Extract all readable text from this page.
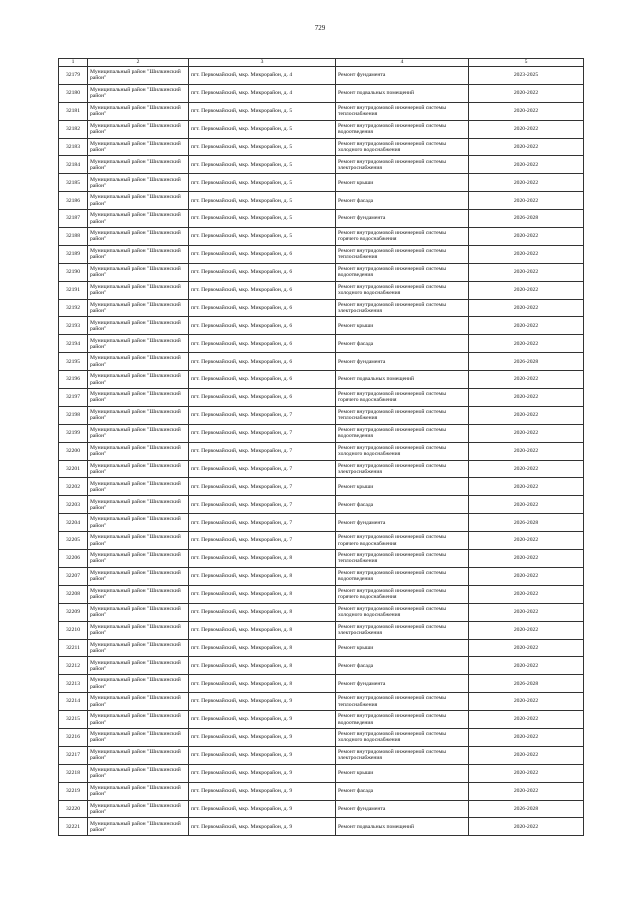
729
1	2	3	4	5
32179	Муниципальный район "Шилкинский район"	пгт. Первомайский, мкр. Микрорайон, д. 4	Ремонт фундамента	2023-2025
32180	Муниципальный район "Шилкинский район"	пгт. Первомайский, мкр. Микрорайон, д. 4	Ремонт подвальных помещений	2020-2022
32181	Муниципальный район "Шилкинский район"	пгт. Первомайский, мкр. Микрорайон, д. 5	Ремонт внутридомовой инженерной системы теплоснабжения	2020-2022
32182	Муниципальный район "Шилкинский район"	пгт. Первомайский, мкр. Микрорайон, д. 5	Ремонт внутридомовой инженерной системы водоотведения	2020-2022
32183	Муниципальный район "Шилкинский район"	пгт. Первомайский, мкр. Микрорайон, д. 5	Ремонт внутридомовой инженерной системы холодного водоснабжения	2020-2022
32184	Муниципальный район "Шилкинский район"	пгт. Первомайский, мкр. Микрорайон, д. 5	Ремонт внутридомовой инженерной системы электроснабжения	2020-2022
32185	Муниципальный район "Шилкинский район"	пгт. Первомайский, мкр. Микрорайон, д. 5	Ремонт крыши	2020-2022
32186	Муниципальный район "Шилкинский район"	пгт. Первомайский, мкр. Микрорайон, д. 5	Ремонт фасада	2020-2022
32187	Муниципальный район "Шилкинский район"	пгт. Первомайский, мкр. Микрорайон, д. 5	Ремонт фундамента	2026-2028
32188	Муниципальный район "Шилкинский район"	пгт. Первомайский, мкр. Микрорайон, д. 5	Ремонт внутридомовой инженерной системы горячего водоснабжения	2020-2022
32189	Муниципальный район "Шилкинский район"	пгт. Первомайский, мкр. Микрорайон, д. 6	Ремонт внутридомовой инженерной системы теплоснабжения	2020-2022
32190	Муниципальный район "Шилкинский район"	пгт. Первомайский, мкр. Микрорайон, д. 6	Ремонт внутридомовой инженерной системы водоотведения	2020-2022
32191	Муниципальный район "Шилкинский район"	пгт. Первомайский, мкр. Микрорайон, д. 6	Ремонт внутридомовой инженерной системы холодного водоснабжения	2020-2022
32192	Муниципальный район "Шилкинский район"	пгт. Первомайский, мкр. Микрорайон, д. 6	Ремонт внутридомовой инженерной системы электроснабжения	2020-2022
32193	Муниципальный район "Шилкинский район"	пгт. Первомайский, мкр. Микрорайон, д. 6	Ремонт крыши	2020-2022
32194	Муниципальный район "Шилкинский район"	пгт. Первомайский, мкр. Микрорайон, д. 6	Ремонт фасада	2020-2022
32195	Муниципальный район "Шилкинский район"	пгт. Первомайский, мкр. Микрорайон, д. 6	Ремонт фундамента	2026-2028
32196	Муниципальный район "Шилкинский район"	пгт. Первомайский, мкр. Микрорайон, д. 6	Ремонт подвальных помещений	2020-2022
32197	Муниципальный район "Шилкинский район"	пгт. Первомайский, мкр. Микрорайон, д. 6	Ремонт внутридомовой инженерной системы горячего водоснабжения	2020-2022
32198	Муниципальный район "Шилкинский район"	пгт. Первомайский, мкр. Микрорайон, д. 7	Ремонт внутридомовой инженерной системы теплоснабжения	2020-2022
32199	Муниципальный район "Шилкинский район"	пгт. Первомайский, мкр. Микрорайон, д. 7	Ремонт внутридомовой инженерной системы водоотведения	2020-2022
32200	Муниципальный район "Шилкинский район"	пгт. Первомайский, мкр. Микрорайон, д. 7	Ремонт внутридомовой инженерной системы холодного водоснабжения	2020-2022
32201	Муниципальный район "Шилкинский район"	пгт. Первомайский, мкр. Микрорайон, д. 7	Ремонт внутридомовой инженерной системы электроснабжения	2020-2022
32202	Муниципальный район "Шилкинский район"	пгт. Первомайский, мкр. Микрорайон, д. 7	Ремонт крыши	2020-2022
32203	Муниципальный район "Шилкинский район"	пгт. Первомайский, мкр. Микрорайон, д. 7	Ремонт фасада	2020-2022
32204	Муниципальный район "Шилкинский район"	пгт. Первомайский, мкр. Микрорайон, д. 7	Ремонт фундамента	2026-2028
32205	Муниципальный район "Шилкинский район"	пгт. Первомайский, мкр. Микрорайон, д. 7	Ремонт внутридомовой инженерной системы горячего водоснабжения	2020-2022
32206	Муниципальный район "Шилкинский район"	пгт. Первомайский, мкр. Микрорайон, д. 8	Ремонт внутридомовой инженерной системы теплоснабжения	2020-2022
32207	Муниципальный район "Шилкинский район"	пгт. Первомайский, мкр. Микрорайон, д. 8	Ремонт внутридомовой инженерной системы водоотведения	2020-2022
32208	Муниципальный район "Шилкинский район"	пгт. Первомайский, мкр. Микрорайон, д. 8	Ремонт внутридомовой инженерной системы горячего водоснабжения	2020-2022
32209	Муниципальный район "Шилкинский район"	пгт. Первомайский, мкр. Микрорайон, д. 8	Ремонт внутридомовой инженерной системы холодного водоснабжения	2020-2022
32210	Муниципальный район "Шилкинский район"	пгт. Первомайский, мкр. Микрорайон, д. 8	Ремонт внутридомовой инженерной системы электроснабжения	2020-2022
32211	Муниципальный район "Шилкинский район"	пгт. Первомайский, мкр. Микрорайон, д. 8	Ремонт крыши	2020-2022
32212	Муниципальный район "Шилкинский район"	пгт. Первомайский, мкр. Микрорайон, д. 8	Ремонт фасада	2020-2022
32213	Муниципальный район "Шилкинский район"	пгт. Первомайский, мкр. Микрорайон, д. 8	Ремонт фундамента	2026-2028
32214	Муниципальный район "Шилкинский район"	пгт. Первомайский, мкр. Микрорайон, д. 9	Ремонт внутридомовой инженерной системы теплоснабжения	2020-2022
32215	Муниципальный район "Шилкинский район"	пгт. Первомайский, мкр. Микрорайон, д. 9	Ремонт внутридомовой инженерной системы водоотведения	2020-2022
32216	Муниципальный район "Шилкинский район"	пгт. Первомайский, мкр. Микрорайон, д. 9	Ремонт внутридомовой инженерной системы холодного водоснабжения	2020-2022
32217	Муниципальный район "Шилкинский район"	пгт. Первомайский, мкр. Микрорайон, д. 9	Ремонт внутридомовой инженерной системы электроснабжения	2020-2022
32218	Муниципальный район "Шилкинский район"	пгт. Первомайский, мкр. Микрорайон, д. 9	Ремонт крыши	2020-2022
32219	Муниципальный район "Шилкинский район"	пгт. Первомайский, мкр. Микрорайон, д. 9	Ремонт фасада	2020-2022
32220	Муниципальный район "Шилкинский район"	пгт. Первомайский, мкр. Микрорайон, д. 9	Ремонт фундамента	2026-2028
32221	Муниципальный район "Шилкинский район"	пгт. Первомайский, мкр. Микрорайон, д. 9	Ремонт подвальных помещений	2020-2022
